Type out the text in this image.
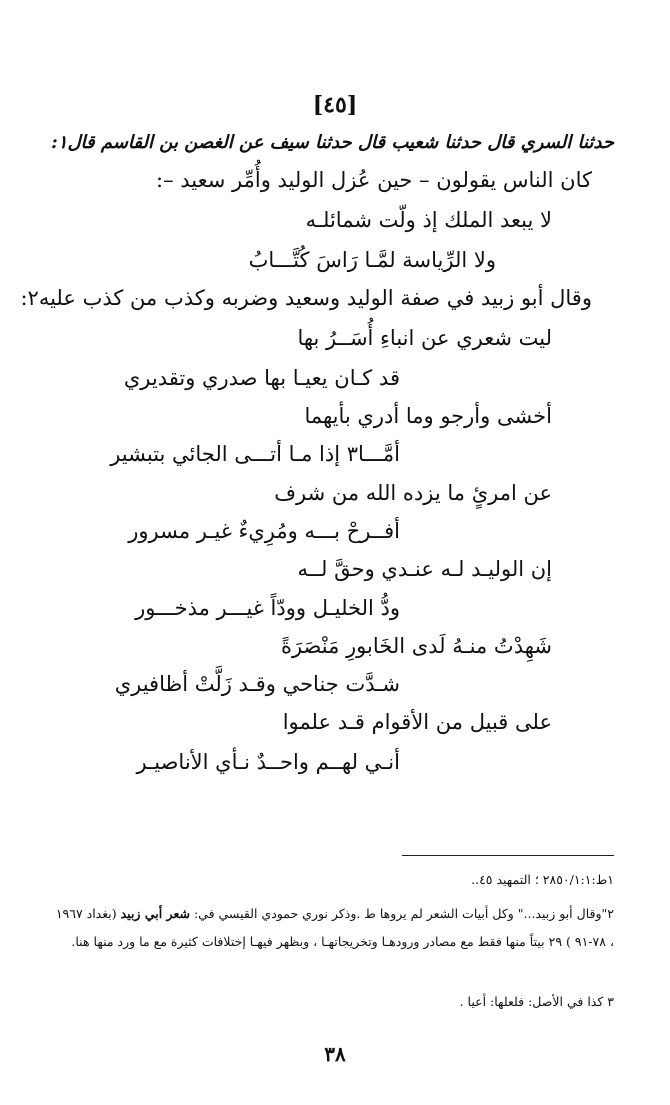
[٤٥]
حدثنا السري قال حدثنا شعيب قال حدثنا سيف عن الغصن بن القاسم قال١:
كان الناس يقولون – حين عُزل الوليد وأُمِّر سعيد –:
لا يبعد الملك إذ ولّت شمائلـه
ولا الرِّياسة لمَّـا رَاسَ كُتَّـــابُ
وقال أبو زبيد في صفة الوليد وسعيد وضربه وكذب من كذب عليه٢:
ليت شعري عن انباءِ أُسَــرُ بها
قد كـان يعيـا بها صدري وتقديري
أخشى وأرجو وما أدري بأيهما
أمَّـــا٣ إذا مـا أتـــى الجائي بتبشير
عن امرئٍ ما يزده الله من شرف
أفــرحْ بـــه ومُرِيءٌ غيـر مسرور
إن الوليـد لـه عنـدي وحقَّ لــه
ودُّ الخليـل وودّاً غيـــر مذخـــور
شَهِدْتُ منـهُ لَدى الخَابورِ مَنْصَرَةً
شـدَّت جناحي وقـد زَلَّتْ أظافيري
على قبيل من الأقوام قـد علموا
أنـي لهــم واحــدٌ نـأي الأناصيـر
١ط:٢٨٥٠/١:١ ؛ التمهيد ٤٥..
٢"وقال أبو زبيد..." وكل أبيات الشعر لم يروها ط .وذكر نوري حمودي القيسي في: شعر أبي زبيد (بغداد ١٩٦٧ ، ٧٨-٩١ ) ٢٩ بيتاً منها فقط مع مصادر ورودهـا وتخريجاتهـا ، وبظهر فيهـا إختلافات كثيرة مع ما ورد منها هنا.
٣ كذا في الأصل: فلعلها: أعيا .
٣٨
